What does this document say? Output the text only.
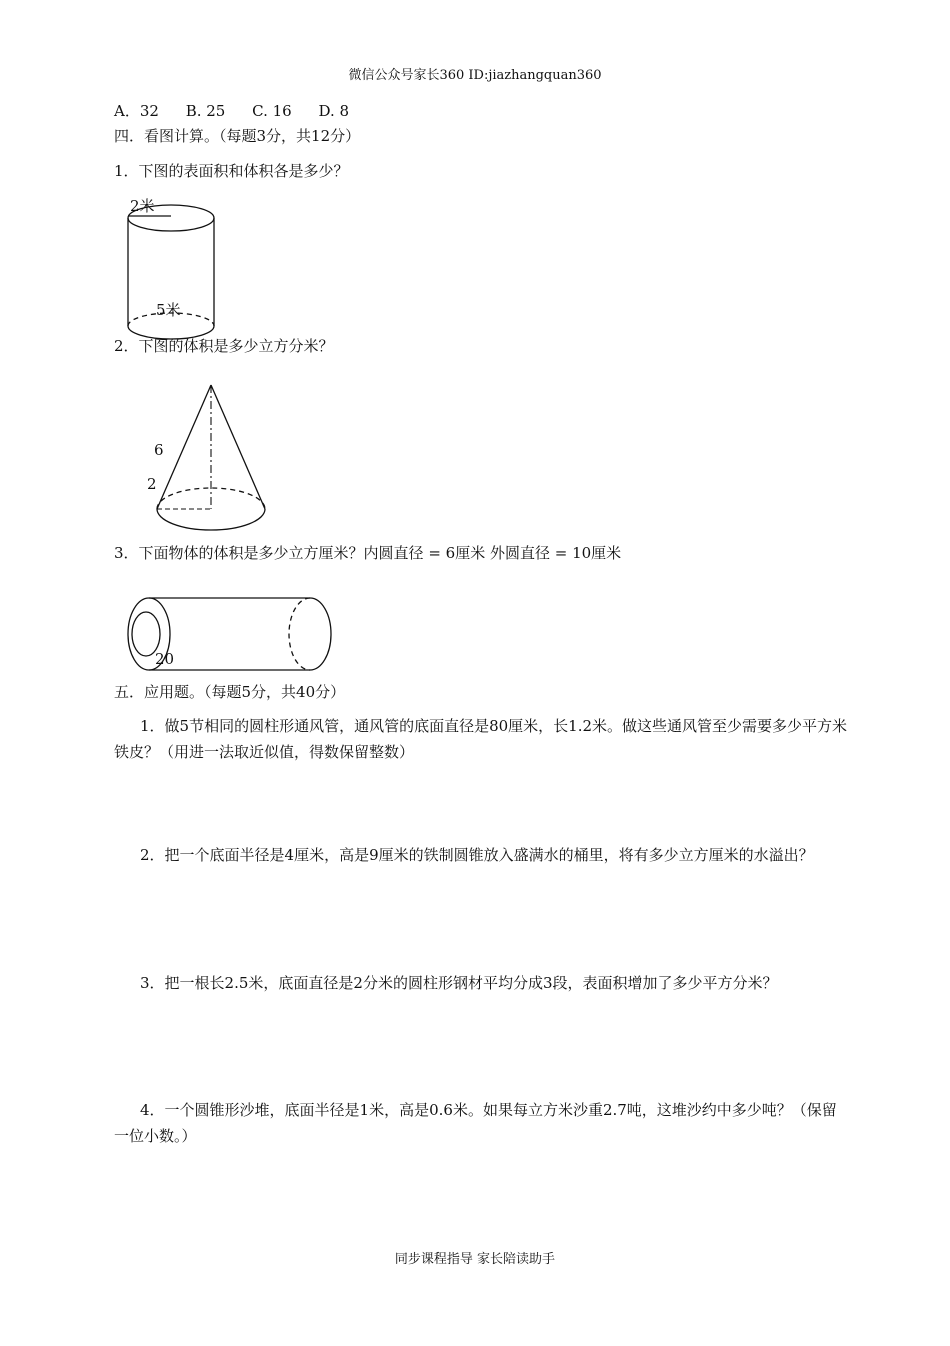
微信公众号家长360 ID:jiazhangquan360
A．32 B. 25 C. 16 D. 8
四．看图计算。（每题3分，共12分）
1．下图的表面积和体积各是多少？
2米
5米
2．下图的体积是多少立方分米？
6
2
3．下面物体的体积是多少立方厘米？内圆直径 = 6厘米 外圆直径 = 10厘米
20
五．应用题。（每题5分，共40分）
1．做5节相同的圆柱形通风管，通风管的底面直径是80厘米，长1.2米。做这些通风管至少需要多少平方米铁皮？（用进一法取近似值，得数保留整数）
2．把一个底面半径是4厘米，高是9厘米的铁制圆锥放入盛满水的桶里，将有多少立方厘米的水溢出？
3．把一根长2.5米，底面直径是2分米的圆柱形钢材平均分成3段，表面积增加了多少平方分米？
4．一个圆锥形沙堆，底面半径是1米，高是0.6米。如果每立方米沙重2.7吨，这堆沙约中多少吨？（保留一位小数。）
同步课程指导 家长陪读助手
